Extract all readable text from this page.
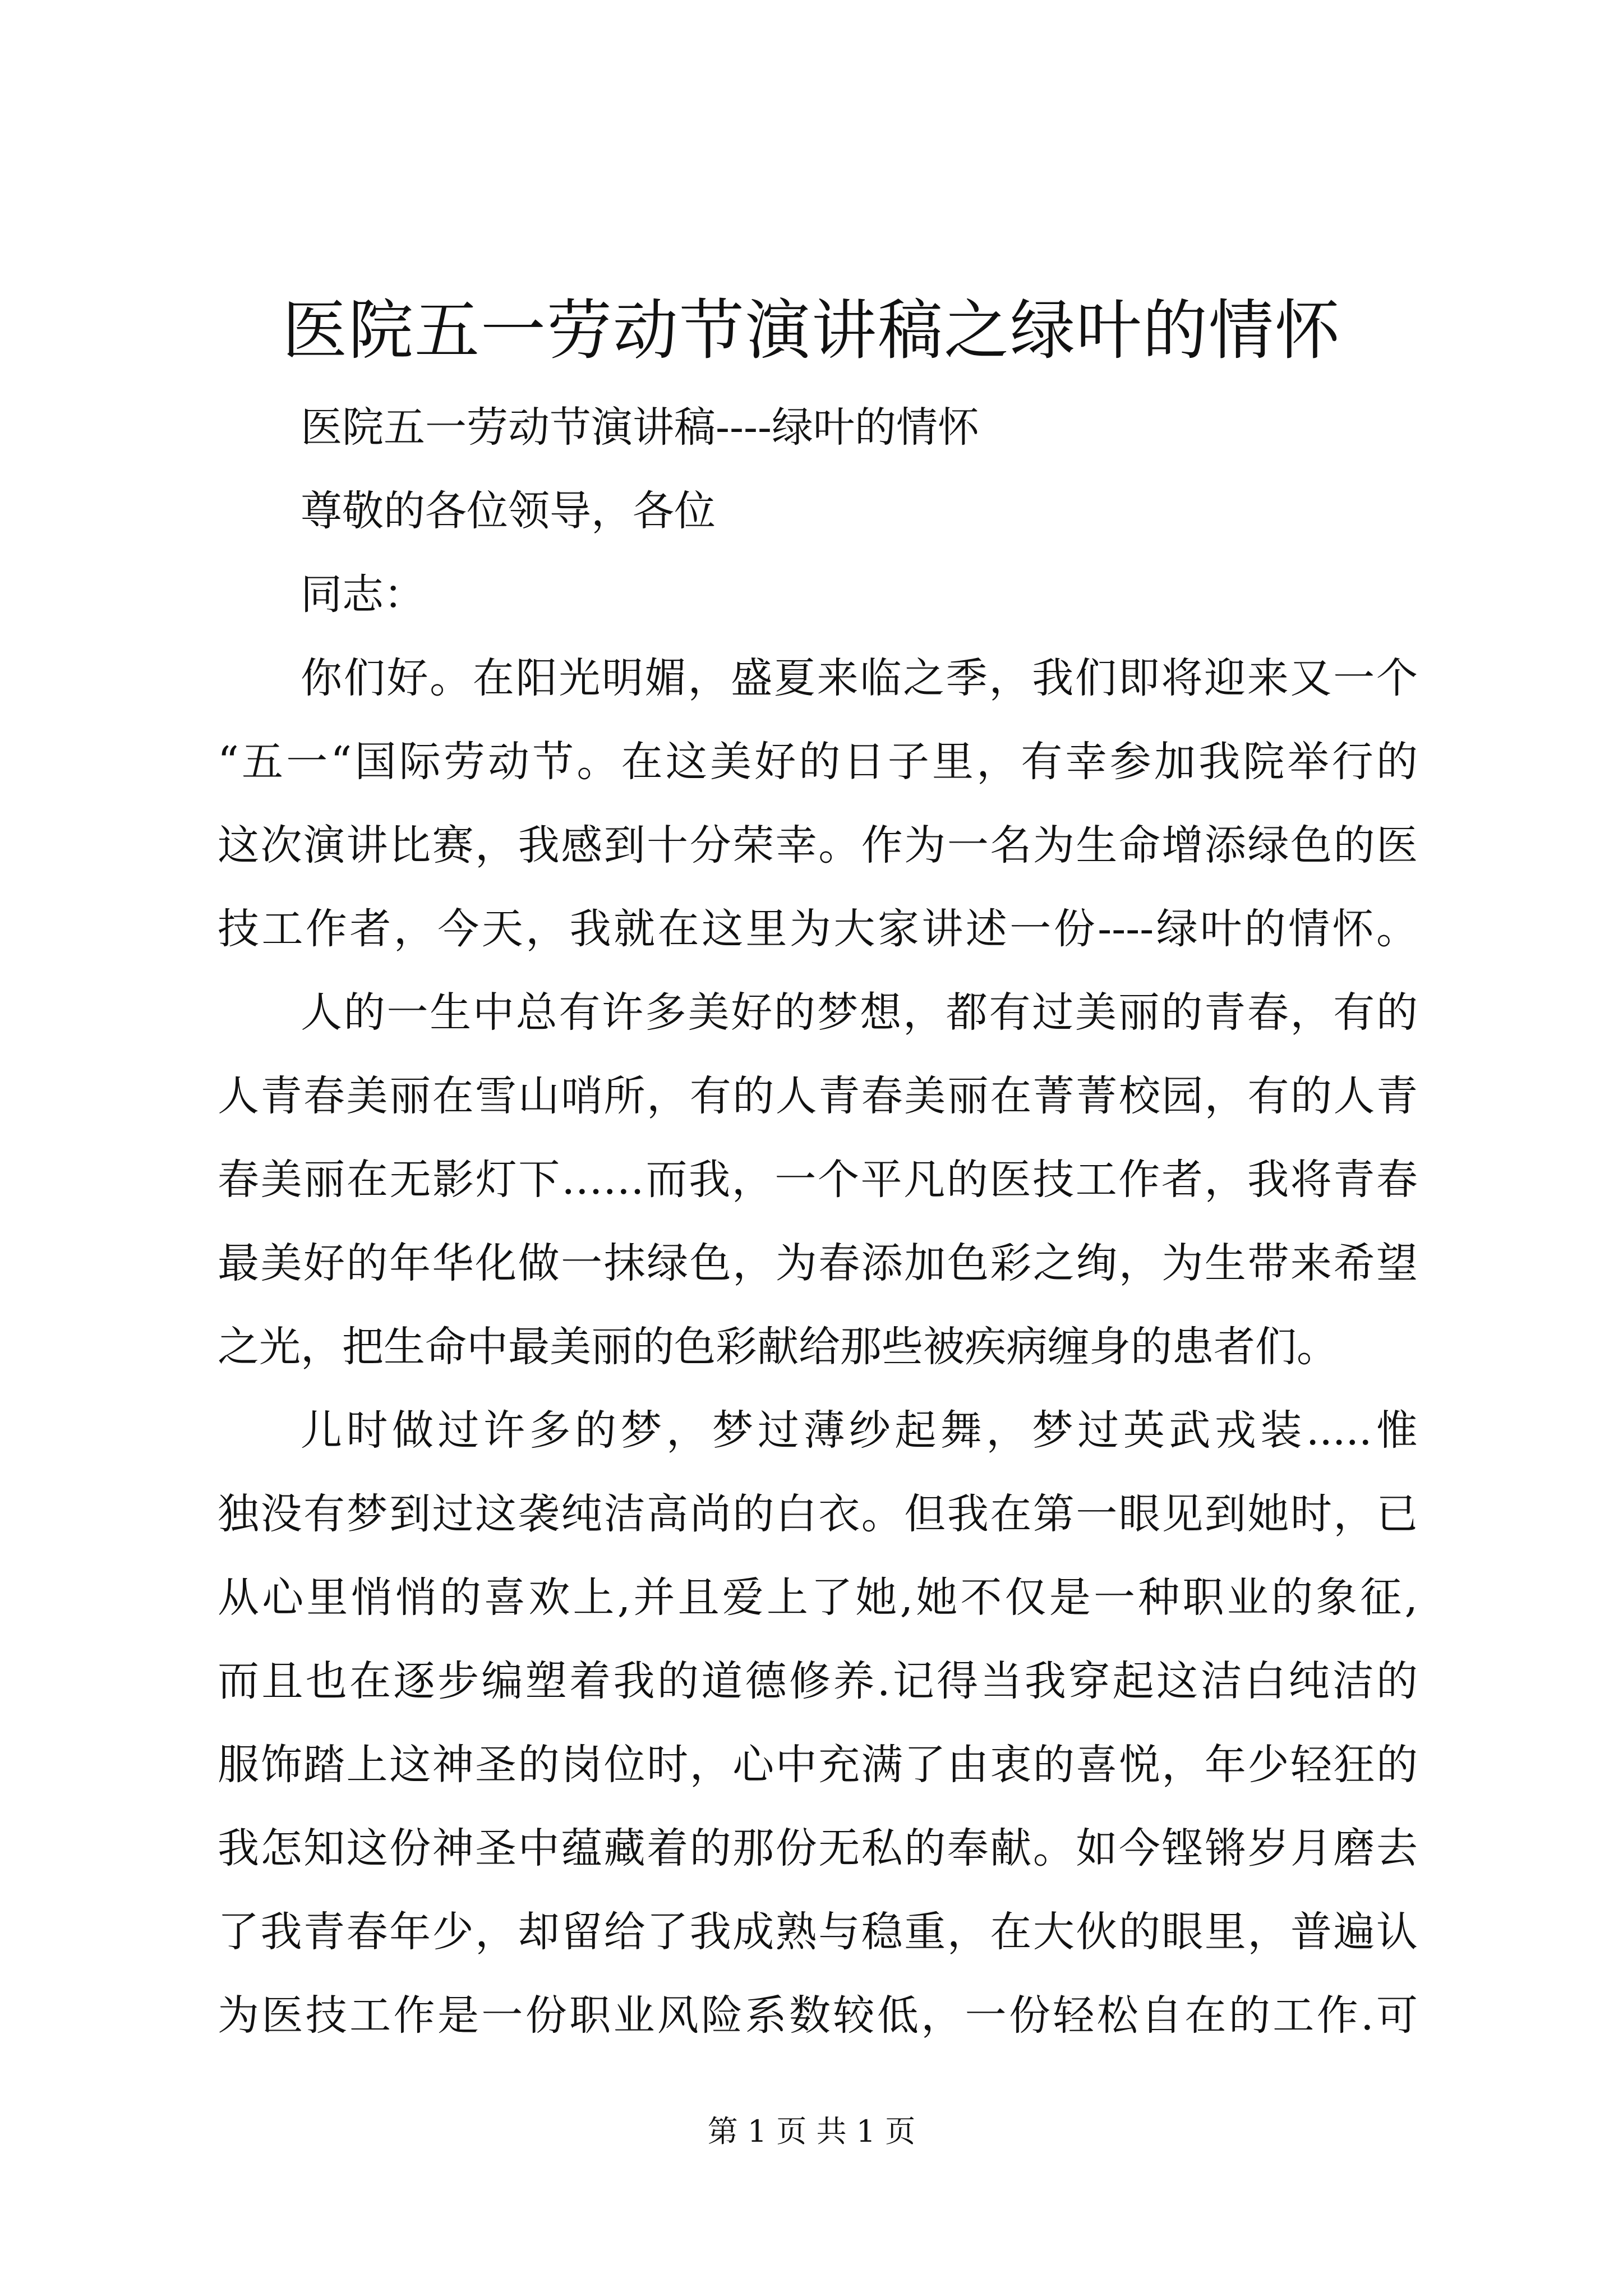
医院五一劳动节演讲稿之绿叶的情怀
医院五一劳动节演讲稿----绿叶的情怀
尊敬的各位领导，各位
同志：
你们好。在阳光明媚，盛夏来临之季，我们即将迎来又一个
“五一“国际劳动节。在这美好的日子里，有幸参加我院举行的
这次演讲比赛，我感到十分荣幸。作为一名为生命增添绿色的医
技工作者，今天，我就在这里为大家讲述一份----绿叶的情怀。
人的一生中总有许多美好的梦想，都有过美丽的青春，有的
人青春美丽在雪山哨所，有的人青春美丽在菁菁校园，有的人青
春美丽在无影灯下……而我，一个平凡的医技工作者，我将青春
最美好的年华化做一抹绿色，为春添加色彩之绚，为生带来希望
之光，把生命中最美丽的色彩献给那些被疾病缠身的患者们。
儿时做过许多的梦，梦过薄纱起舞，梦过英武戎装.....惟
独没有梦到过这袭纯洁高尚的白衣。但我在第一眼见到她时，已
从心里悄悄的喜欢上,并且爱上了她,她不仅是一种职业的象征,
而且也在逐步编塑着我的道德修养.记得当我穿起这洁白纯洁的
服饰踏上这神圣的岗位时，心中充满了由衷的喜悦，年少轻狂的
我怎知这份神圣中蕴藏着的那份无私的奉献。如今铿锵岁月磨去
了我青春年少，却留给了我成熟与稳重，在大伙的眼里，普遍认
为医技工作是一份职业风险系数较低，一份轻松自在的工作.可
第 1 页 共 1 页
